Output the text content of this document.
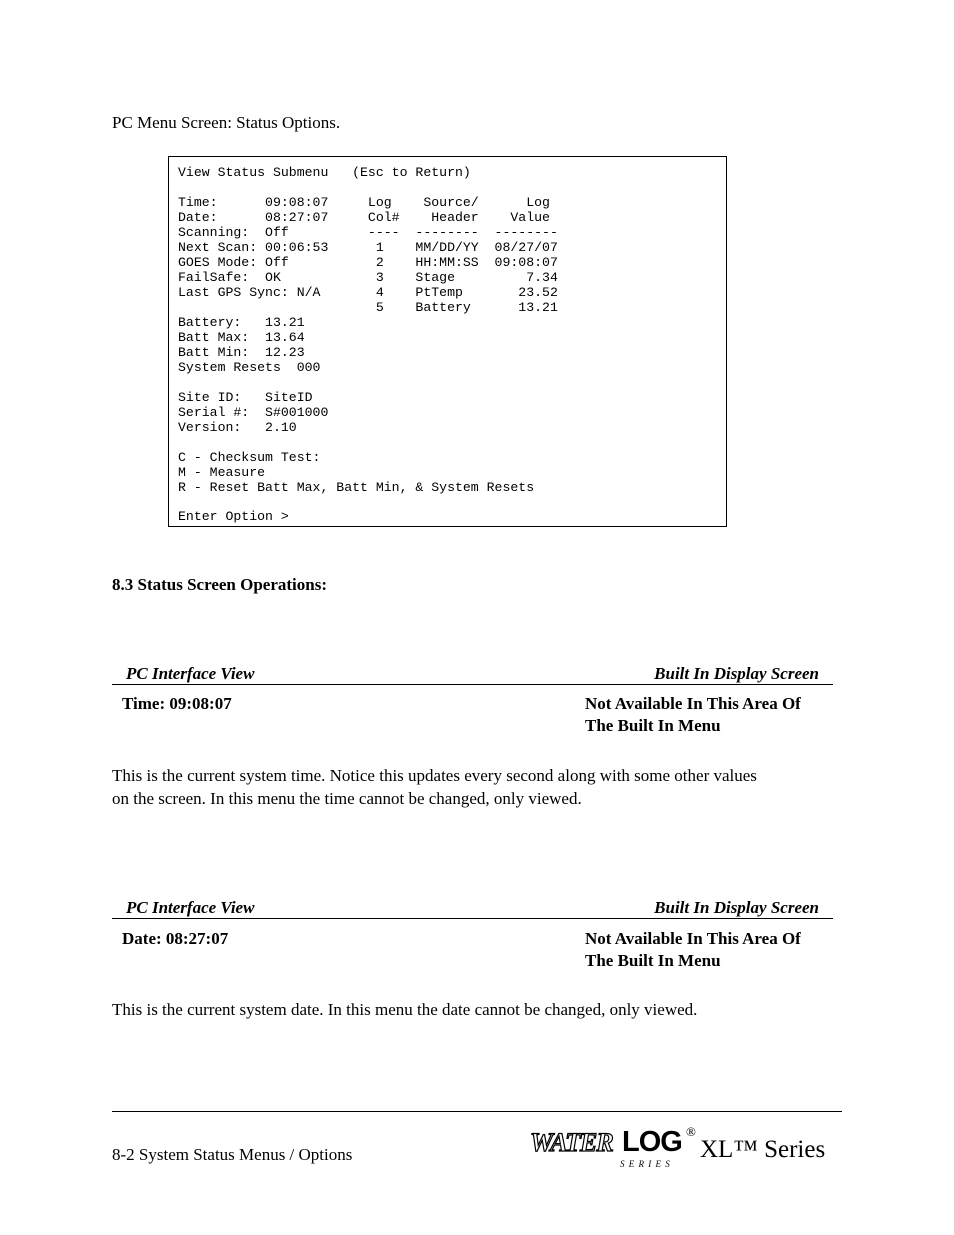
PC Menu Screen: Status Options.
View Status Submenu   (Esc to Return)
Time:      09:08:07     Log    Source/      Log
Date:      08:27:07     Col#    Header    Value
Scanning:  Off          ----  --------  --------
Next Scan: 00:06:53      1    MM/DD/YY  08/27/07
GOES Mode: Off           2    HH:MM:SS  09:08:07
FailSafe:  OK            3    Stage         7.34
Last GPS Sync: N/A       4    PtTemp       23.52
5    Battery      13.21
Battery:   13.21
Batt Max:  13.64
Batt Min:  12.23
System Resets  000
Site ID:   SiteID
Serial #:  S#001000
Version:   2.10
C - Checksum Test:
M - Measure
R - Reset Batt Max, Batt Min, & System Resets
Enter Option >
8.3 Status Screen Operations:
PC Interface View	Built In Display Screen
Time: 09:08:07	Not Available In This Area Of
The Built In Menu
This is the current system time. Notice this updates every second along with some other values
on the screen. In this menu the time cannot be changed, only viewed.
PC Interface View	Built In Display Screen
Date: 08:27:07	Not Available In This Area Of
The Built In Menu
This is the current system date. In this menu the date cannot be changed, only viewed.
8-2 System Status Menus / Options	WATER LOG ®
S E R I E S
XL™ Series
